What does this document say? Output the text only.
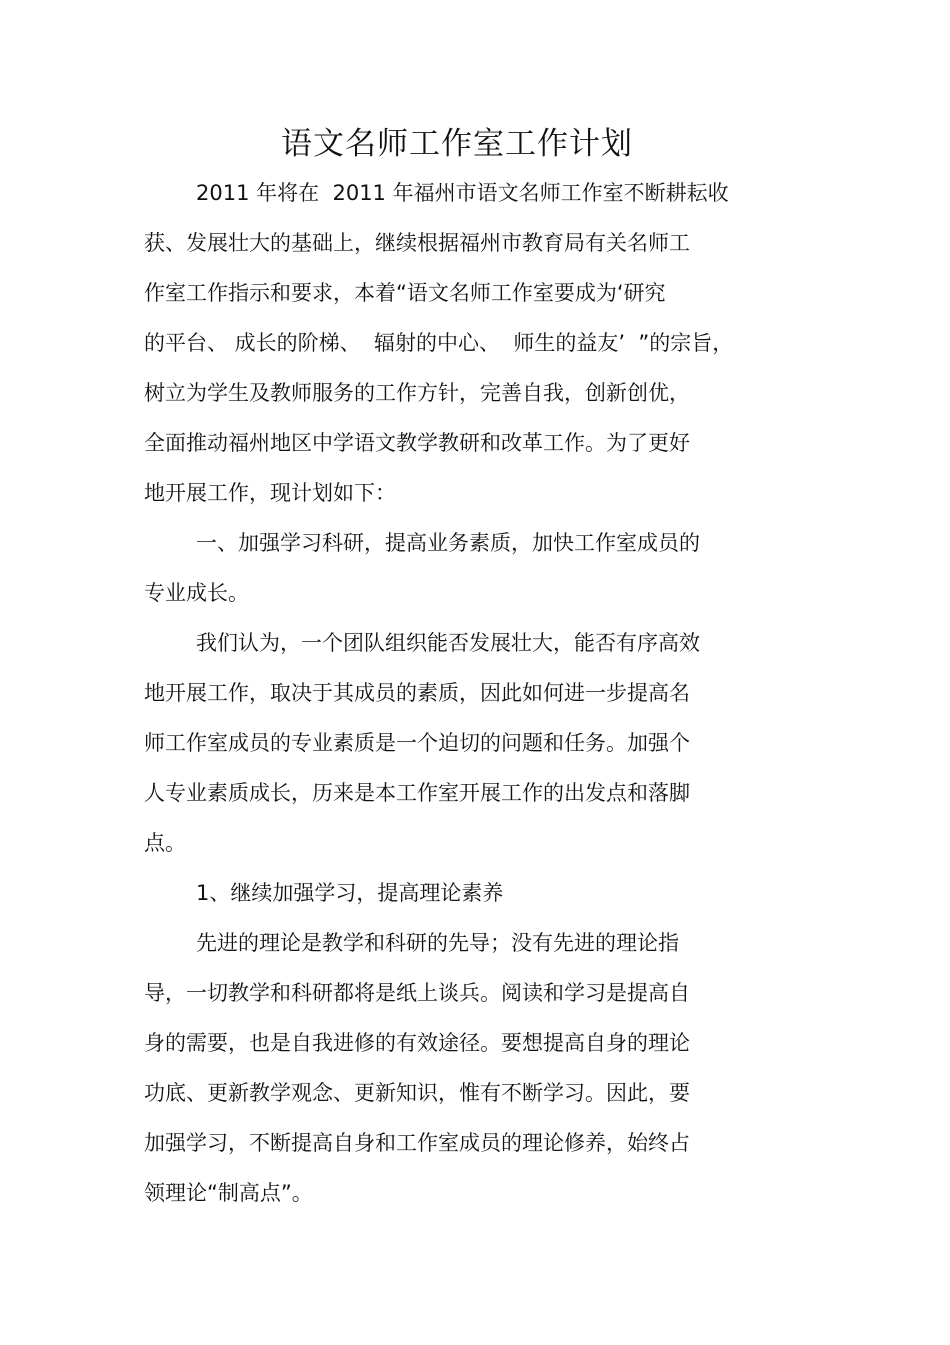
语文名师工作室工作计划

2011 年将在  2011 年福州市语文名师工作室不断耕耘收

获、发展壮大的基础上，继续根据福州市教育局有关名师工

作室工作指示和要求，本着“语文名师工作室要成为‘研究

的平台、 成长的阶梯、  辐射的中心、  师生的益友’  ”的宗旨，

树立为学生及教师服务的工作方针，完善自我，创新创优，

全面推动福州地区中学语文教学教研和改革工作。为了更好

地开展工作，现计划如下：

一、加强学习科研，提高业务素质，加快工作室成员的

专业成长。

我们认为，一个团队组织能否发展壮大，能否有序高效

地开展工作，取决于其成员的素质，因此如何进一步提高名

师工作室成员的专业素质是一个迫切的问题和任务。加强个

人专业素质成长，历来是本工作室开展工作的出发点和落脚

点。

1、继续加强学习，提高理论素养

先进的理论是教学和科研的先导；没有先进的理论指

导，一切教学和科研都将是纸上谈兵。阅读和学习是提高自

身的需要，也是自我进修的有效途径。要想提高自身的理论

功底、更新教学观念、更新知识，惟有不断学习。因此，要

加强学习，不断提高自身和工作室成员的理论修养，始终占

领理论“制高点”。
